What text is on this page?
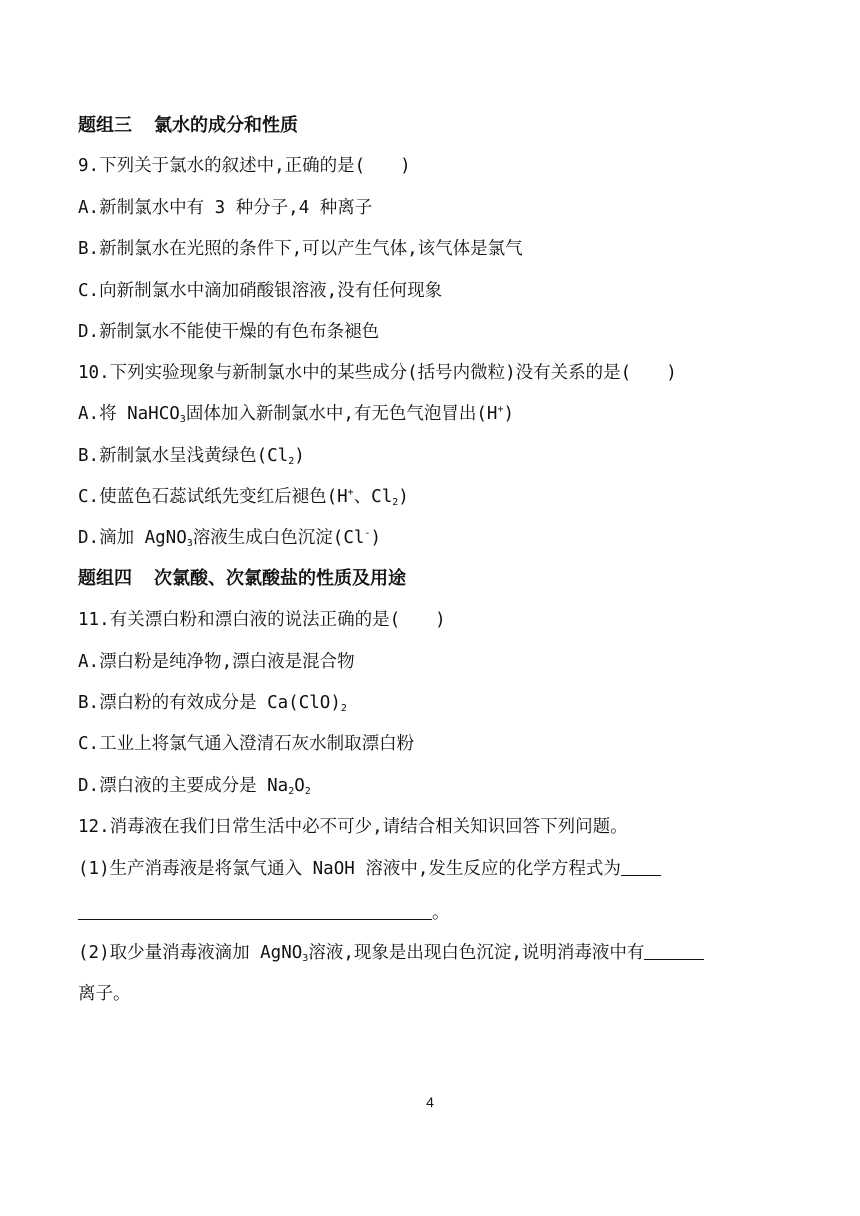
题组三 氯水的成分和性质
9.下列关于氯水的叙述中,正确的是(　　)
A.新制氯水中有 3 种分子,4 种离子
B.新制氯水在光照的条件下,可以产生气体,该气体是氯气
C.向新制氯水中滴加硝酸银溶液,没有任何现象
D.新制氯水不能使干燥的有色布条褪色
10.下列实验现象与新制氯水中的某些成分(括号内微粒)没有关系的是(　　)
A.将 NaHCO$_3$固体加入新制氯水中,有无色气泡冒出(H+)
B.新制氯水呈浅黄绿色$(Cl_2)$
C.使蓝色石蕊试纸先变红后褪色(H+、$Cl_2$)
D.滴加 AgNO$_3$溶液生成白色沉淀(Cl-)
题组四 次氯酸、次氯酸盐的性质及用途
11.有关漂白粉和漂白液的说法正确的是(　　)
A.漂白粉是纯净物,漂白液是混合物
B.漂白粉的有效成分是 $Ca(ClO)_2$
C.工业上将氯气通入澄清石灰水制取漂白粉
D.漂白液的主要成分是 $Na_2O_2$
12.消毒液在我们日常生活中必不可少,请结合相关知识回答下列问题。
(1)生产消毒液是将氯气通入 NaOH 溶液中,发生反应的化学方程式为
。
(2)取少量消毒液滴加 AgNO$_3$溶液,现象是出现白色沉淀,说明消毒液中有
离子。
4
